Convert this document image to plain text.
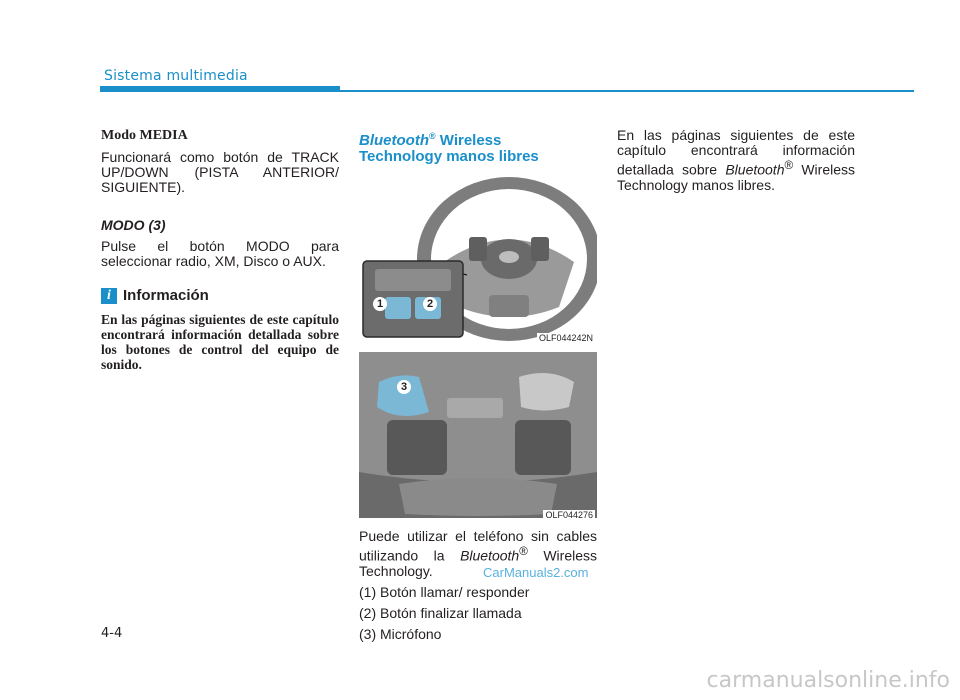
Sistema multimedia

Modo MEDIA

Funcionará como botón de TRACK UP/DOWN (PISTA ANTERIOR/ SIGUIENTE).

MODO (3)

Pulse el botón MODO para seleccionar radio, XM, Disco o AUX.

i Información
En las páginas siguientes de este capítulo encontrará información detallada sobre los botones de control del equipo de sonido.
Bluetooth® Wireless
Technology manos libres
1	2
OLF044242N
3
OLF044276

Puede utilizar el teléfono sin cables utilizando la Bluetooth® Wireless Technology.

(1) Botón llamar/ responder

(2) Botón finalizar llamada

(3) Micrófono

En las páginas siguientes de este capítulo encontrará información detallada sobre Bluetooth® Wireless Technology manos libres.

4-4
CarManuals2.com
carmanualsonline.info
